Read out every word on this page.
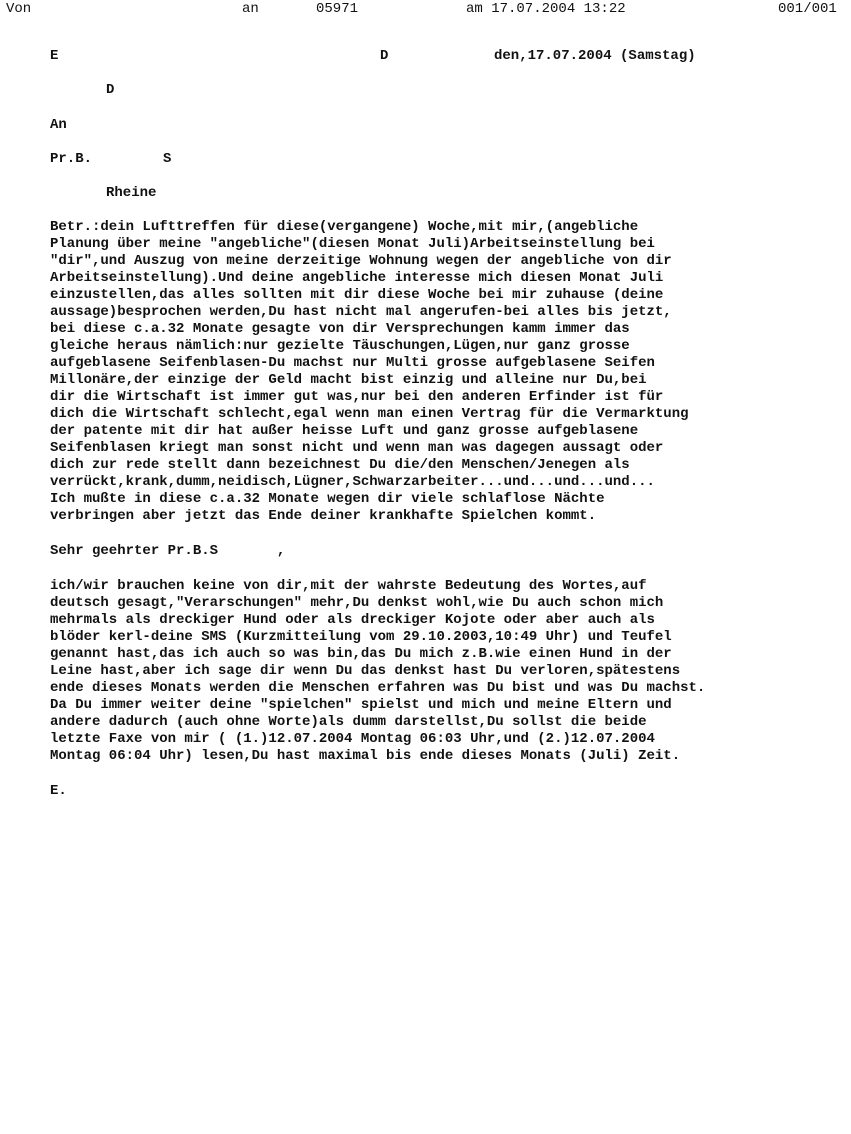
Von	an	05971	am 17.07.2004 13:22	001/001
E	D	den,17.07.2004 (Samstag)
D
An
Pr.B.	S
Rheine

Betr.:dein Lufttreffen für diese(vergangene) Woche,mit mir,(angebliche
Planung über meine "angebliche"(diesen Monat Juli)Arbeitseinstellung bei
"dir",und Auszug von meine derzeitige Wohnung wegen der angebliche von dir
Arbeitseinstellung).Und deine angebliche interesse mich diesen Monat Juli
einzustellen,das alles sollten mit dir diese Woche bei mir zuhause (deine
aussage)besprochen werden,Du hast nicht mal angerufen-bei alles bis jetzt,
bei diese c.a.32 Monate gesagte von dir Versprechungen kamm immer das
gleiche heraus nämlich:nur gezielte Täuschungen,Lügen,nur ganz grosse
aufgeblasene Seifenblasen-Du machst nur Multi grosse aufgeblasene Seifen
Millonäre,der einzige der Geld macht bist einzig und alleine nur Du,bei
dir die Wirtschaft ist immer gut was,nur bei den anderen Erfinder ist für
dich die Wirtschaft schlecht,egal wenn man einen Vertrag für die Vermarktung
der patente mit dir hat außer heisse Luft und ganz grosse aufgeblasene
Seifenblasen kriegt man sonst nicht und wenn man was dagegen aussagt oder
dich zur rede stellt dann bezeichnest Du die/den Menschen/Jenegen als
verrückt,krank,dumm,neidisch,Lügner,Schwarzarbeiter...und...und...und...
Ich mußte in diese c.a.32 Monate wegen dir viele schlaflose Nächte
verbringen aber jetzt das Ende deiner krankhafte Spielchen kommt.

Sehr geehrter Pr.B.S       ,

ich/wir brauchen keine von dir,mit der wahrste Bedeutung des Wortes,auf
deutsch gesagt,"Verarschungen" mehr,Du denkst wohl,wie Du auch schon mich
mehrmals als dreckiger Hund oder als dreckiger Kojote oder aber auch als
blöder kerl-deine SMS (Kurzmitteilung vom 29.10.2003,10:49 Uhr) und Teufel
genannt hast,das ich auch so was bin,das Du mich z.B.wie einen Hund in der
Leine hast,aber ich sage dir wenn Du das denkst hast Du verloren,spätestens
ende dieses Monats werden die Menschen erfahren was Du bist und was Du machst.
Da Du immer weiter deine "spielchen" spielst und mich und meine Eltern und
andere dadurch (auch ohne Worte)als dumm darstellst,Du sollst die beide
letzte Faxe von mir ( (1.)12.07.2004 Montag 06:03 Uhr,und (2.)12.07.2004
Montag 06:04 Uhr) lesen,Du hast maximal bis ende dieses Monats (Juli) Zeit.

E.
